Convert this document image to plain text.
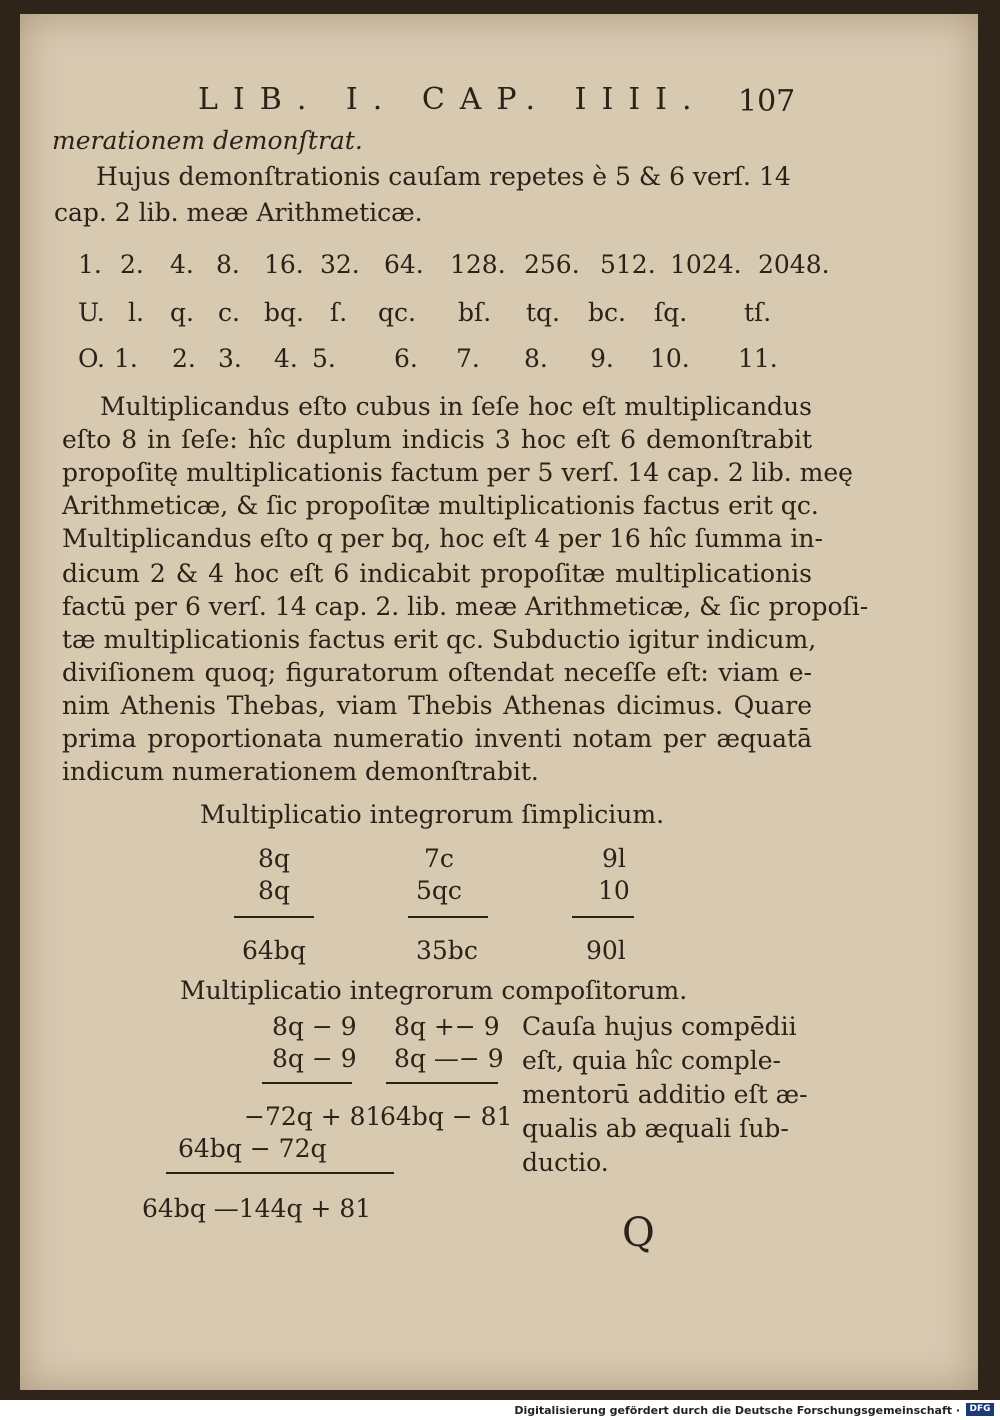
LIB. I. CAP. IIII. 107
merationem demonſtrat.
Hujus demonſtrationis cauſam repetes è 5 & 6 verſ. 14
cap. 2 lib. meæ Arithmeticæ.
1. 2. 4. 8. 16. 32. 64. 128. 256. 512. 1024. 2048.
U. l. q. c. bq. ſ. qc. bſ. tq. bc. ſq. tſ.
O. 1. 2. 3. 4. 5. 6. 7. 8. 9. 10. 11.
Multiplicandus eſto cubus in ſeſe hoc eſt multiplicandus
eſto 8 in ſeſe: hîc duplum indicis 3 hoc eſt 6 demonſtrabit
propoſitę multiplicationis factum per 5 verſ. 14 cap. 2 lib. meę
Arithmeticæ, & ſic propoſitæ multiplicationis factus erit qc.
Multiplicandus eſto q per bq, hoc eſt 4 per 16 hîc ſumma in-
dicum 2 & 4 hoc eſt 6 indicabit propoſitæ multiplicationis
factū per 6 verſ. 14 cap. 2. lib. meæ Arithmeticæ, & ſic propoſi-
tæ multiplicationis factus erit qc. Subductio igitur indicum,
diviſionem quoq; figuratorum oſtendat neceſſe eſt: viam e-
nim Athenis Thebas, viam Thebis Athenas dicimus. Quare
prima proportionata numeratio inventi notam per æquatā
indicum numerationem demonſtrabit.
Multiplicatio integrorum ſimplicium.
8q
8q
64bq
7c
5qc
35bc
9l
10
90l
Multiplicatio integrorum compoſitorum.
8q − 9
8q − 9
8q +− 9
8q —− 9
−72q + 81
64bq − 81
64bq − 72q
64bq —144q + 81
Cauſa hujus compēdii
eſt, quia hîc comple-
mentorū additio eſt æ-
qualis ab æquali ſub-
ductio.
Q
Digitalisierung gefördert durch die Deutsche Forschungsgemeinschaft ·	DFG
